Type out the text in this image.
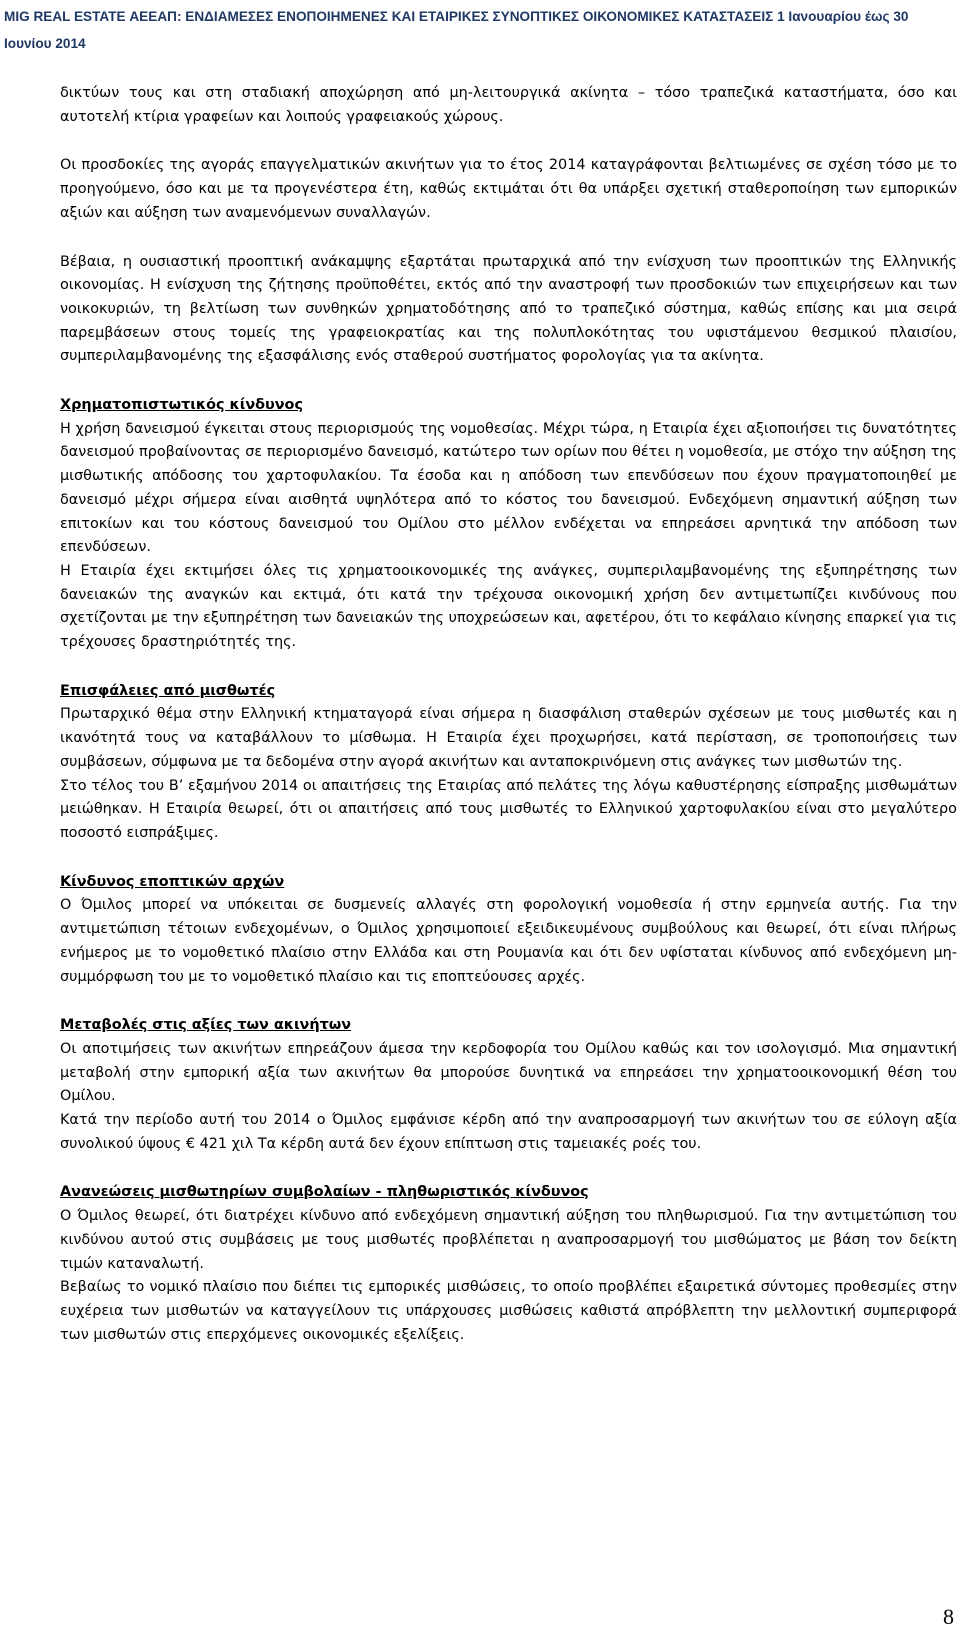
MIG REAL ESTATE ΑΕΕΑΠ: ΕΝΔΙΑΜΕΣΕΣ ΕΝΟΠΟΙΗΜΕΝΕΣ ΚΑΙ ΕΤΑΙΡΙΚΕΣ ΣΥΝΟΠΤΙΚΕΣ ΟΙΚΟΝΟΜΙΚΕΣ ΚΑΤΑΣΤΑΣΕΙΣ 1 Ιανουαρίου έως 30 Ιουνίου 2014

δικτύων τους και στη σταδιακή αποχώρηση από μη-λειτουργικά ακίνητα – τόσο τραπεζικά καταστήματα, όσο και αυτοτελή κτίρια γραφείων και λοιπούς γραφειακούς χώρους.

Οι προσδοκίες της αγοράς επαγγελματικών ακινήτων για το έτος 2014 καταγράφονται βελτιωμένες σε σχέση τόσο με το προηγούμενο, όσο και με τα προγενέστερα έτη, καθώς εκτιμάται ότι θα υπάρξει σχετική σταθεροποίηση των εμπορικών αξιών και αύξηση των αναμενόμενων συναλλαγών.

Βέβαια, η ουσιαστική προοπτική ανάκαμψης εξαρτάται πρωταρχικά από την ενίσχυση των προοπτικών της Ελληνικής οικονομίας. Η ενίσχυση της ζήτησης προϋποθέτει, εκτός από την αναστροφή των προσδοκιών των επιχειρήσεων και των νοικοκυριών, τη βελτίωση των συνθηκών χρηματοδότησης από το τραπεζικό σύστημα, καθώς επίσης και μια σειρά παρεμβάσεων στους τομείς της γραφειοκρατίας και της πολυπλοκότητας του υφιστάμενου θεσμικού πλαισίου, συμπεριλαμβανομένης της εξασφάλισης ενός σταθερού συστήματος φορολογίας για τα ακίνητα.

Χρηματοπιστωτικός κίνδυνος

Η χρήση δανεισμού έγκειται στους περιορισμούς της νομοθεσίας. Μέχρι τώρα, η Εταιρία έχει αξιοποιήσει τις δυνατότητες δανεισμού προβαίνοντας σε περιορισμένο δανεισμό, κατώτερο των ορίων που θέτει η νομοθεσία, με στόχο την αύξηση της μισθωτικής απόδοσης του χαρτοφυλακίου. Τα έσοδα και η απόδοση των επενδύσεων που έχουν πραγματοποιηθεί με δανεισμό μέχρι σήμερα είναι αισθητά υψηλότερα από το κόστος του δανεισμού. Ενδεχόμενη σημαντική αύξηση των επιτοκίων και του κόστους δανεισμού του Ομίλου στο μέλλον ενδέχεται να επηρεάσει αρνητικά την απόδοση των επενδύσεων.

Η Εταιρία έχει εκτιμήσει όλες τις χρηματοοικονομικές της ανάγκες, συμπεριλαμβανομένης της εξυπηρέτησης των δανειακών της αναγκών και εκτιμά, ότι κατά την τρέχουσα οικονομική χρήση δεν αντιμετωπίζει κινδύνους που σχετίζονται με την εξυπηρέτηση των δανειακών της υποχρεώσεων και, αφετέρου, ότι το κεφάλαιο κίνησης επαρκεί για τις τρέχουσες δραστηριότητές της.

Επισφάλειες από μισθωτές

Πρωταρχικό θέμα στην Ελληνική κτηματαγορά είναι σήμερα η διασφάλιση σταθερών σχέσεων με τους μισθωτές και η ικανότητά τους να καταβάλλουν το μίσθωμα. Η Εταιρία έχει προχωρήσει, κατά περίσταση, σε τροποποιήσεις των συμβάσεων, σύμφωνα με τα δεδομένα στην αγορά ακινήτων και ανταποκρινόμενη στις ανάγκες των μισθωτών της.

Στο τέλος του Β’ εξαμήνου 2014 οι απαιτήσεις της Εταιρίας από πελάτες της λόγω καθυστέρησης είσπραξης μισθωμάτων μειώθηκαν. Η Εταιρία θεωρεί, ότι οι απαιτήσεις από τους μισθωτές το Ελληνικού χαρτοφυλακίου είναι στο μεγαλύτερο ποσοστό εισπράξιμες.

Κίνδυνος εποπτικών αρχών

Ο Όμιλος μπορεί να υπόκειται σε δυσμενείς αλλαγές στη φορολογική νομοθεσία ή στην ερμηνεία αυτής. Για την αντιμετώπιση τέτοιων ενδεχομένων, ο Όμιλος χρησιμοποιεί εξειδικευμένους συμβούλους και θεωρεί, ότι είναι πλήρως ενήμερος με το νομοθετικό πλαίσιο στην Ελλάδα και στη Ρουμανία και ότι δεν υφίσταται κίνδυνος από ενδεχόμενη μη-συμμόρφωση του με το νομοθετικό πλαίσιο και τις εποπτεύουσες αρχές.

Μεταβολές στις αξίες των ακινήτων

Οι αποτιμήσεις των ακινήτων επηρεάζουν άμεσα την κερδοφορία του Ομίλου καθώς και τον ισολογισμό. Μια σημαντική μεταβολή στην εμπορική αξία των ακινήτων θα μπορούσε δυνητικά να επηρεάσει την χρηματοοικονομική θέση του Ομίλου.

Κατά την περίοδο αυτή του 2014 ο Όμιλος εμφάνισε κέρδη από την αναπροσαρμογή των ακινήτων του σε εύλογη αξία συνολικού ύψους € 421 χιλ Τα κέρδη αυτά δεν έχουν επίπτωση στις ταμειακές ροές του.

Ανανεώσεις μισθωτηρίων συμβολαίων - πληθωριστικός κίνδυνος

Ο Όμιλος θεωρεί, ότι διατρέχει κίνδυνο από ενδεχόμενη σημαντική αύξηση του πληθωρισμού. Για την αντιμετώπιση του κινδύνου αυτού στις συμβάσεις με τους μισθωτές προβλέπεται η αναπροσαρμογή του μισθώματος με βάση τον δείκτη τιμών καταναλωτή.

Βεβαίως το νομικό πλαίσιο που διέπει τις εμπορικές μισθώσεις, το οποίο προβλέπει εξαιρετικά σύντομες προθεσμίες στην ευχέρεια των μισθωτών να καταγγείλουν τις υπάρχουσες μισθώσεις καθιστά απρόβλεπτη την μελλοντική συμπεριφορά των μισθωτών στις επερχόμενες οικονομικές εξελίξεις.

8
